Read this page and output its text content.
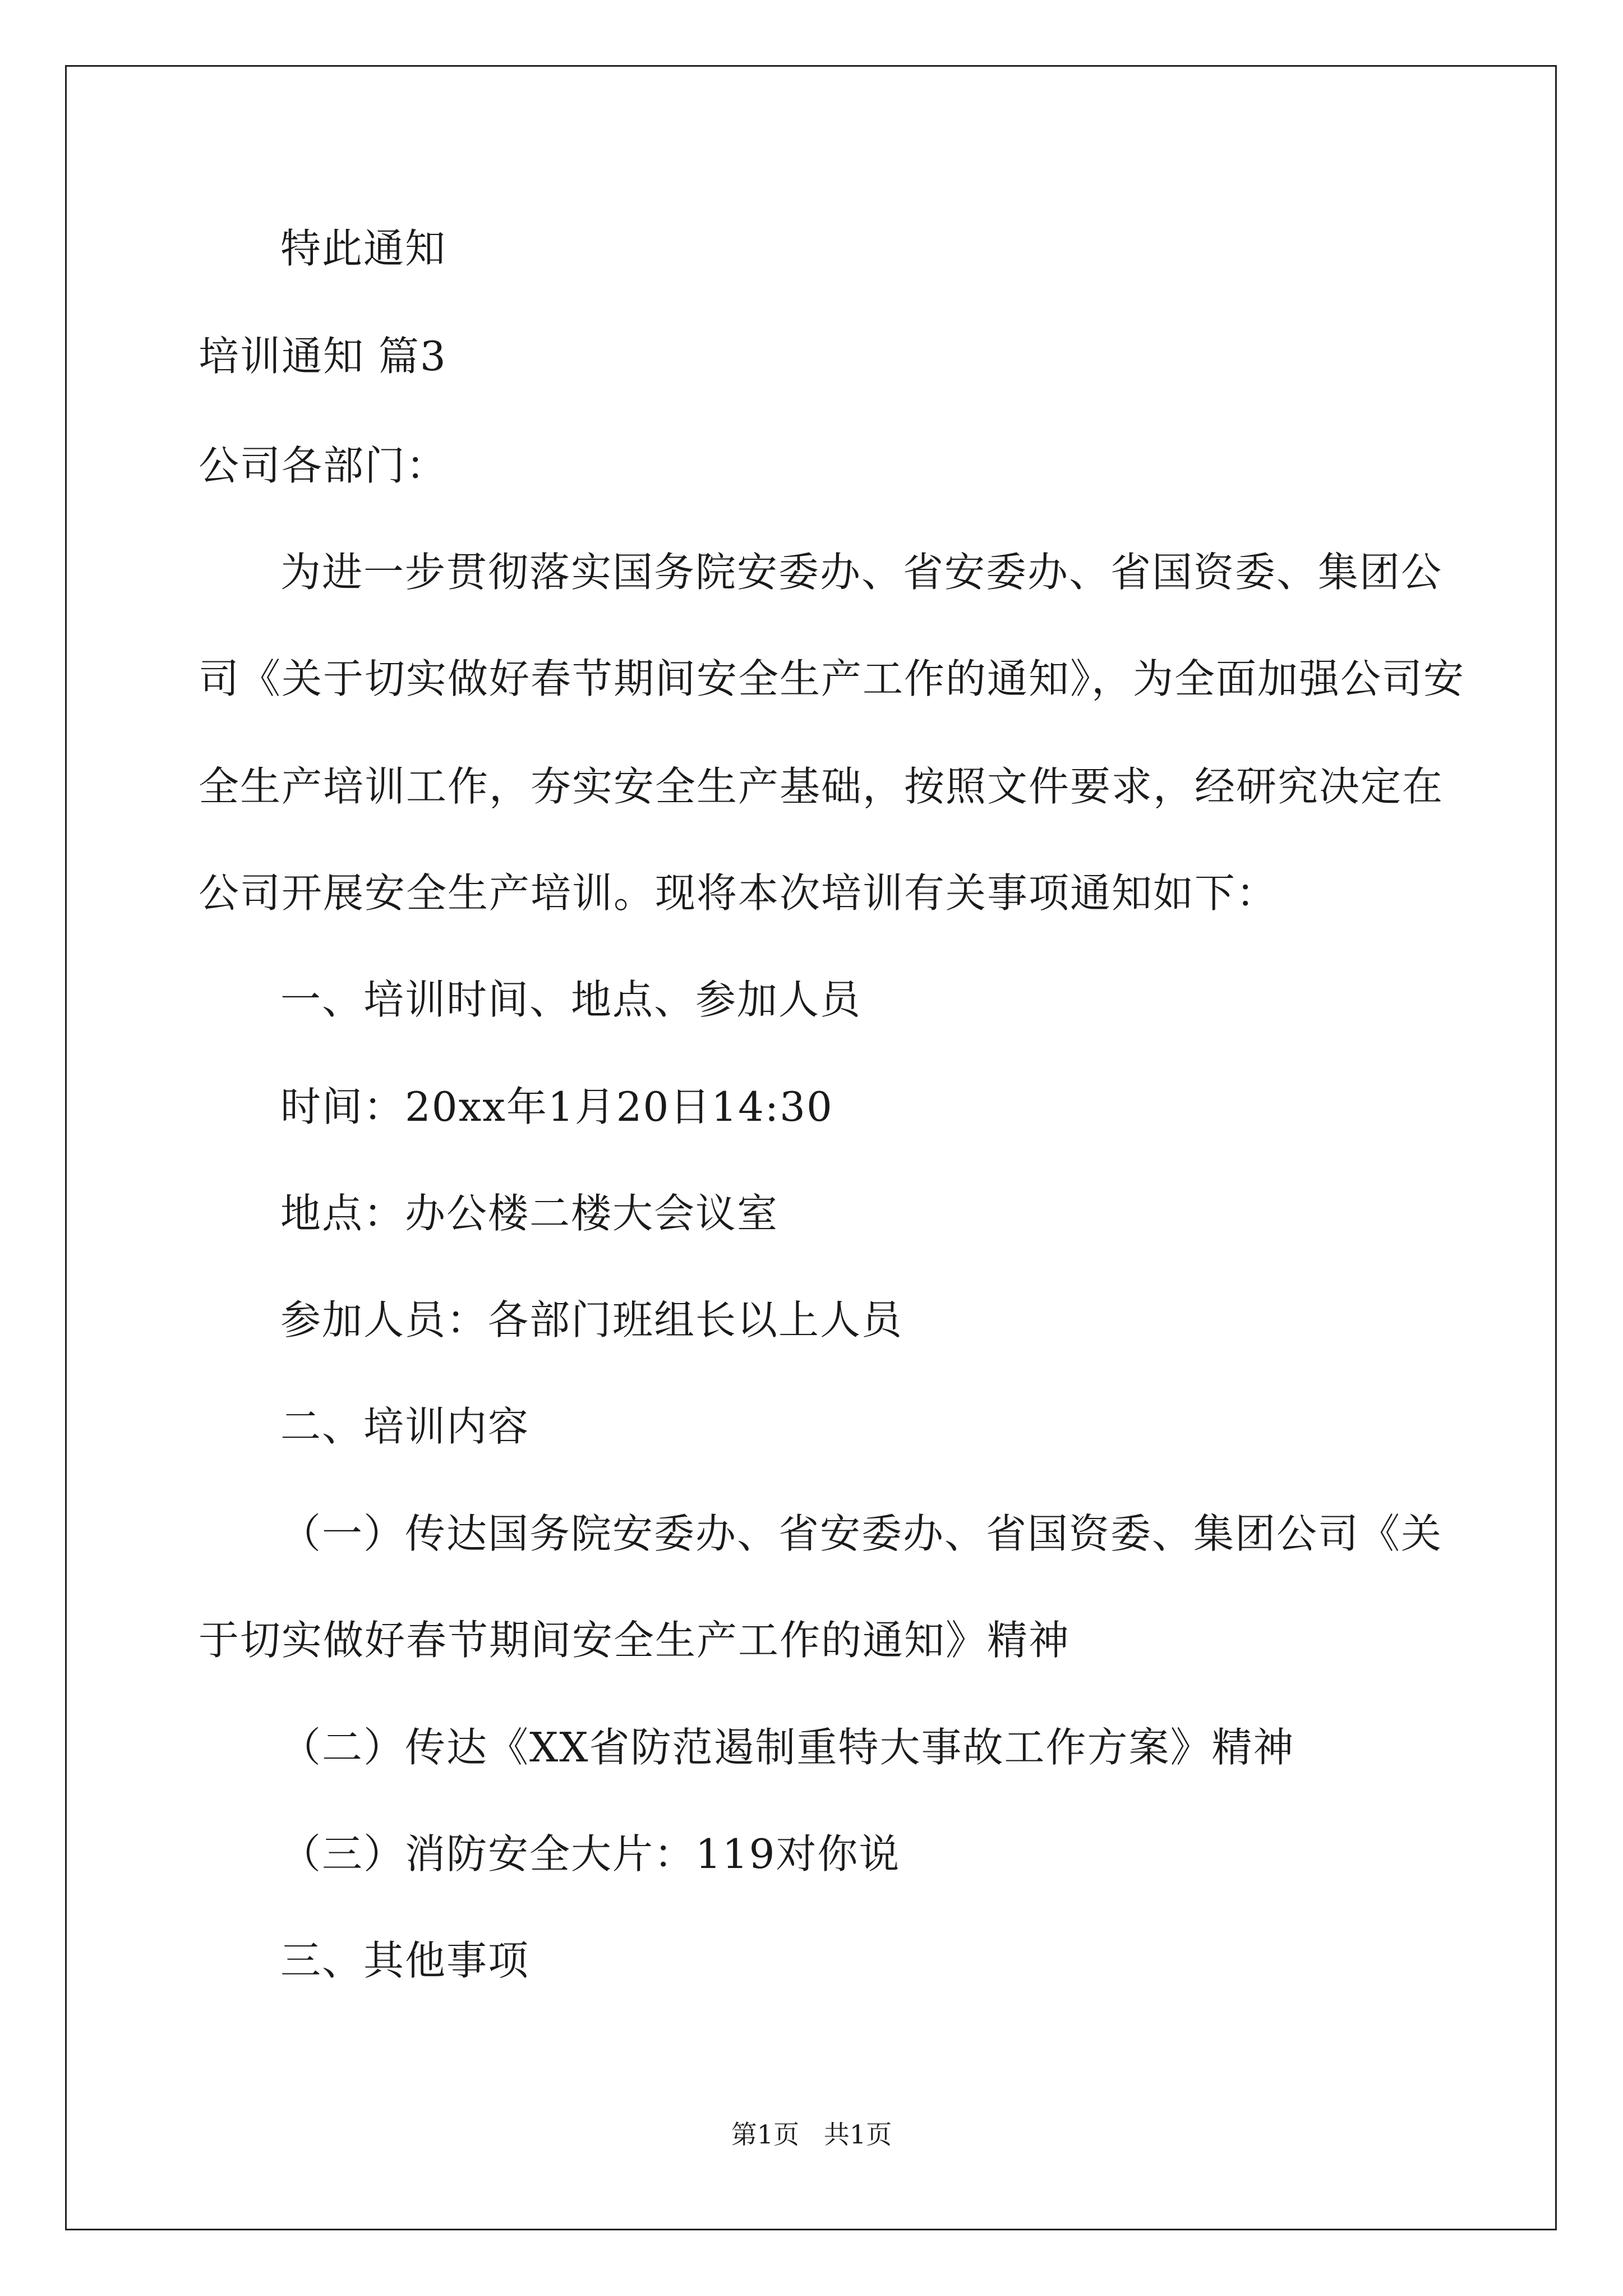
特此通知

培训通知 篇3

公司各部门：

为进一步贯彻落实国务院安委办、省安委办、省国资委、集团公

司《关于切实做好春节期间安全生产工作的通知》，为全面加强公司安

全生产培训工作，夯实安全生产基础，按照文件要求，经研究决定在

公司开展安全生产培训。现将本次培训有关事项通知如下：

一、培训时间、地点、参加人员

时间：20xx年1月20日14:30

地点：办公楼二楼大会议室

参加人员：各部门班组长以上人员

二、培训内容

（一）传达国务院安委办、省安委办、省国资委、集团公司《关

于切实做好春节期间安全生产工作的通知》精神

（二）传达《XX省防范遏制重特大事故工作方案》精神

（三）消防安全大片：119对你说

三、其他事项

第1页   共1页
